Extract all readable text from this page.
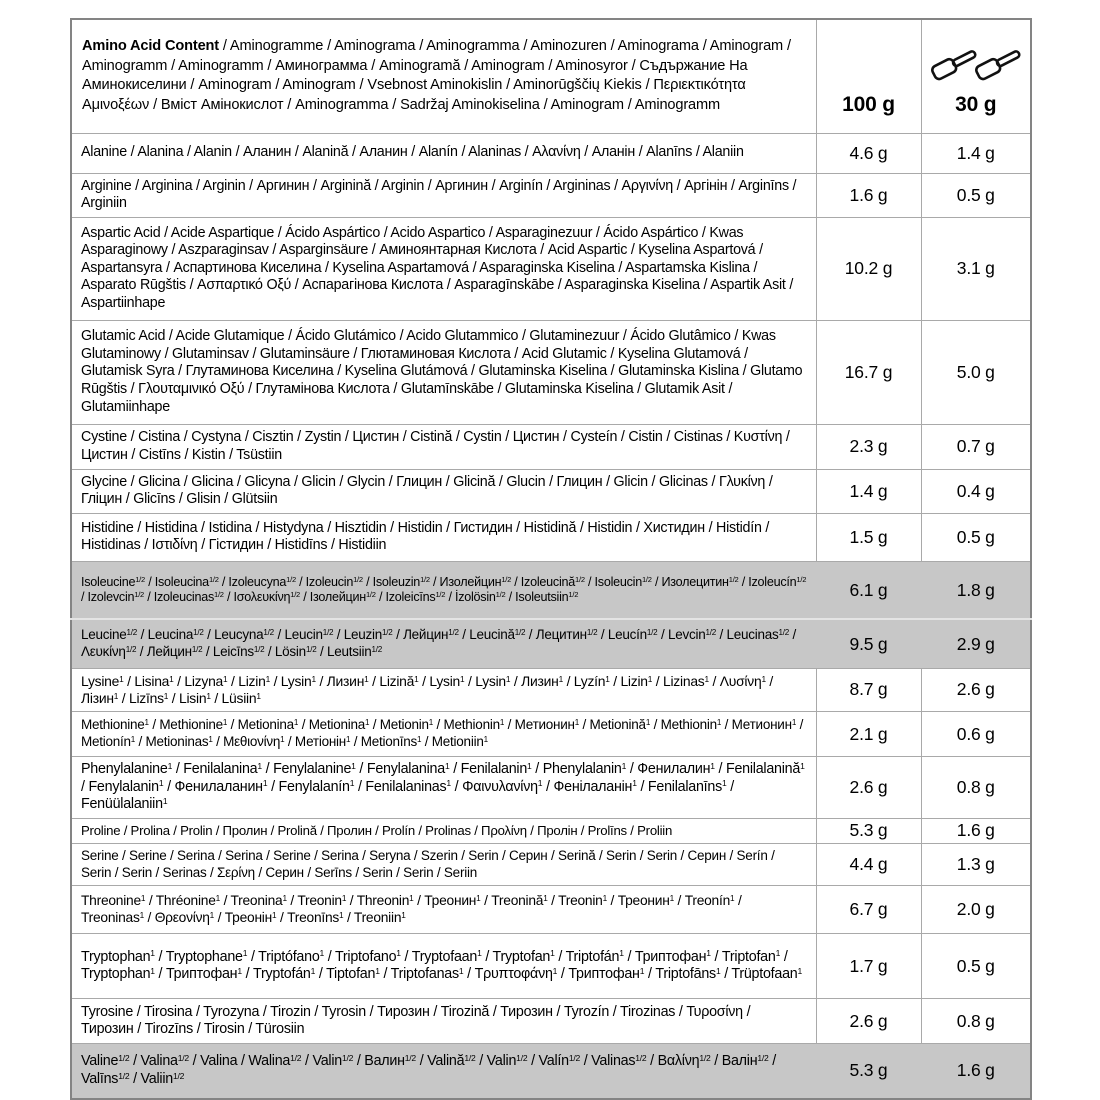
Amino Acid Content / Aminogramme / Aminograma / Aminogramma / Aminozuren / Aminograma / Aminogram / Aminogramm / Aminogramm / Аминограмма / Aminogramă / Aminogram / Aminosyror / Съдържание На Аминокиселини / Aminogram / Aminogram / Vsebnost Aminokislin / Aminorūgščių Kiekis / Περιεκτικότητα Αμινοξέων / Вміст Амінокислот / Aminogramma / Sadržaj Aminokiselina / Aminogram / Aminogramm	100 g	30 g

Alanine / Alanina / Alanin / Аланин / Alanină / Аланин / Alanín / Alaninas / Αλανίνη / Аланін / Alanīns / Alaniin	4.6 g	1.4 g
Arginine / Arginina / Arginin / Аргинин / Arginină / Arginin / Аргинин / Arginín / Argininas / Αργινίνη / Аргінін / Arginīns / Arginiin	1.6 g	0.5 g
Aspartic Acid / Acide Aspartique / Ácido Aspártico / Acido Aspartico / Asparaginezuur / Ácido Aspártico / Kwas Asparaginowy / Aszparaginsav / Asparginsäure / Аминоянтарная Кислота / Acid Aspartic / Kyselina Aspartová / Aspartansyra / Аспартинова Киселина / Kyselina Aspartamová / Asparaginska Kiselina / Aspartamska Kislina / Asparato Rūgštis / Ασπαρτικό Οξύ / Аспарагінова Кислота / Asparagīnskābe / Asparaginska Kiselina / Aspartik Asit / Aspartiinhape	10.2 g	3.1 g
Glutamic Acid / Acide Glutamique / Ácido Glutámico / Acido Glutammico / Glutaminezuur / Ácido Glutâmico / Kwas Glutaminowy / Glutaminsav / Glutaminsäure / Глютаминовая Кислота / Acid Glutamic / Kyselina Glutamová / Glutamisk Syra / Глутаминова Киселина / Kyselina Glutámová / Glutaminska Kiselina / Glutaminska Kislina / Glutamo Rūgštis / Γλουταμινικό Οξύ / Глутамінова Кислота / Glutamīnskābe / Glutaminska Kiselina / Glutamik Asit / Glutamiinhape	16.7 g	5.0 g
Cystine / Cistina / Cystyna / Cisztin / Zystin / Цистин / Cistină / Cystin / Цистин / Cysteín / Cistin / Cistinas / Κυστίνη / Цистин / Cistīns / Kistin / Tsüstiin	2.3 g	0.7 g
Glycine / Glicina / Glicina / Glicyna / Glicin / Glycin / Глицин / Glicină / Glucin / Глицин / Glicin / Glicinas / Γλυκίνη / Гліцин / Glicīns / Glisin / Glütsiin	1.4 g	0.4 g
Histidine / Histidina / Istidina / Histydyna / Hisztidin / Histidin / Гистидин / Histidină / Histidin / Хистидин / Histidín / Histidinas / Ιστιδίνη / Гістидин / Histidīns / Histidiin	1.5 g	0.5 g
Isoleucine$^{1/2}$ / Isoleucina$^{1/2}$ / Izoleucyna$^{1/2}$ / Izoleucin$^{1/2}$ / Isoleuzin$^{1/2}$ / Изолейцин$^{1/2}$ / Izoleucină$^{1/2}$ / Isoleucin$^{1/2}$ / Изолецитин$^{1/2}$ / Izoleucín$^{1/2}$ / Izolevcin$^{1/2}$ / Izoleucinas$^{1/2}$ / Ισολευκίνη$^{1/2}$ / Ізолейцин$^{1/2}$ / Izoleicīns$^{1/2}$ / İzolösin$^{1/2}$ / Isoleutsiin$^{1/2}$	6.1 g	1.8 g
Leucine$^{1/2}$ / Leucina$^{1/2}$ / Leucyna$^{1/2}$ / Leucin$^{1/2}$ / Leuzin$^{1/2}$ / Лейцин$^{1/2}$ / Leucină$^{1/2}$ / Лецитин$^{1/2}$ / Leucín$^{1/2}$ / Levcin$^{1/2}$ / Leucinas$^{1/2}$ / Λευκίνη$^{1/2}$ / Лейцин$^{1/2}$ / Leicīns$^{1/2}$ / Lösin$^{1/2}$ / Leutsiin$^{1/2}$	9.5 g	2.9 g
Lysine$^1$ / Lisina$^1$ / Lizyna$^1$ / Lizin$^1$ / Lysin$^1$ / Лизин$^1$ / Lizină$^1$ / Lysin$^1$ / Lysin$^1$ / Лизин$^1$ / Lyzín$^1$ / Lizin$^1$ / Lizinas$^1$ / Λυσίνη$^1$ / Лізин$^1$ / Lizīns$^1$ / Lisin$^1$ / Lüsiin$^1$	8.7 g	2.6 g
Methionine$^1$ / Methionine$^1$ / Metionina$^1$ / Metionina$^1$ / Metionin$^1$ / Methionin$^1$ / Метионин$^1$ / Metionină$^1$ / Methionin$^1$ / Метионин$^1$ / Metionín$^1$ / Metioninas$^1$ / Μεθιονίνη$^1$ / Метіонін$^1$ / Metionīns$^1$ / Metioniin$^1$	2.1 g	0.6 g
Phenylalanine$^1$ / Fenilalanina$^1$ / Fenylalanine$^1$ / Fenylalanina$^1$ / Fenilalanin$^1$ / Phenylalanin$^1$ / Фенилалин$^1$ / Fenilalanină$^1$ / Fenylalanin$^1$ / Фенилаланин$^1$ / Fenylalanín$^1$ / Fenilalaninas$^1$ / Φαινυλανίνη$^1$ / Фенілаланін$^1$ / Fenilalanīns$^1$ / Fenüülalaniin$^1$	2.6 g	0.8 g
Proline / Prolina / Prolin / Пролин / Prolină / Пролин / Prolín / Prolinas / Προλίνη / Пролін / Prolīns / Proliin	5.3 g	1.6 g
Serine / Serine / Serina / Serina / Serine / Serina / Seryna / Szerin / Serin / Серин / Serină / Serin / Serin / Серин / Serín / Serin / Serin / Serinas / Σερίνη / Серин / Serīns / Serin / Serin / Seriin	4.4 g	1.3 g
Threonine$^1$ / Thréonine$^1$ / Treonina$^1$ / Treonin$^1$ / Threonin$^1$ / Треонин$^1$ / Treonină$^1$ / Treonin$^1$ / Треонин$^1$ / Treonín$^1$ / Treoninas$^1$ / Θρεονίνη$^1$ / Треонін$^1$ / Treonīns$^1$ / Treoniin$^1$	6.7 g	2.0 g
Tryptophan$^1$ / Tryptophane$^1$ / Triptófano$^1$ / Triptofano$^1$ / Tryptofaan$^1$ / Tryptofan$^1$ / Triptofán$^1$ / Триптофан$^1$ / Triptofan$^1$ / Tryptophan$^1$ / Триптофан$^1$ / Tryptofán$^1$ / Tiptofan$^1$ / Triptofanas$^1$ / Τρυπτοφάνη$^1$ / Триптофан$^1$ / Triptofāns$^1$ / Trüptofaan$^1$	1.7 g	0.5 g
Tyrosine / Tirosina / Tyrozyna / Tirozin / Tyrosin / Тирозин / Tirozină / Тирозин / Tyrozín / Tirozinas / Τυροσίνη / Тирозин / Tirozīns / Tirosin / Türosiin	2.6 g	0.8 g
Valine$^{1/2}$ / Valina$^{1/2}$ / Valina / Walina$^{1/2}$ / Valin$^{1/2}$ / Валин$^{1/2}$ / Valină$^{1/2}$ / Valin$^{1/2}$ / Valín$^{1/2}$ / Valinas$^{1/2}$ / Βαλίνη$^{1/2}$ / Валін$^{1/2}$ / Valīns$^{1/2}$ / Valiin$^{1/2}$	5.3 g	1.6 g
